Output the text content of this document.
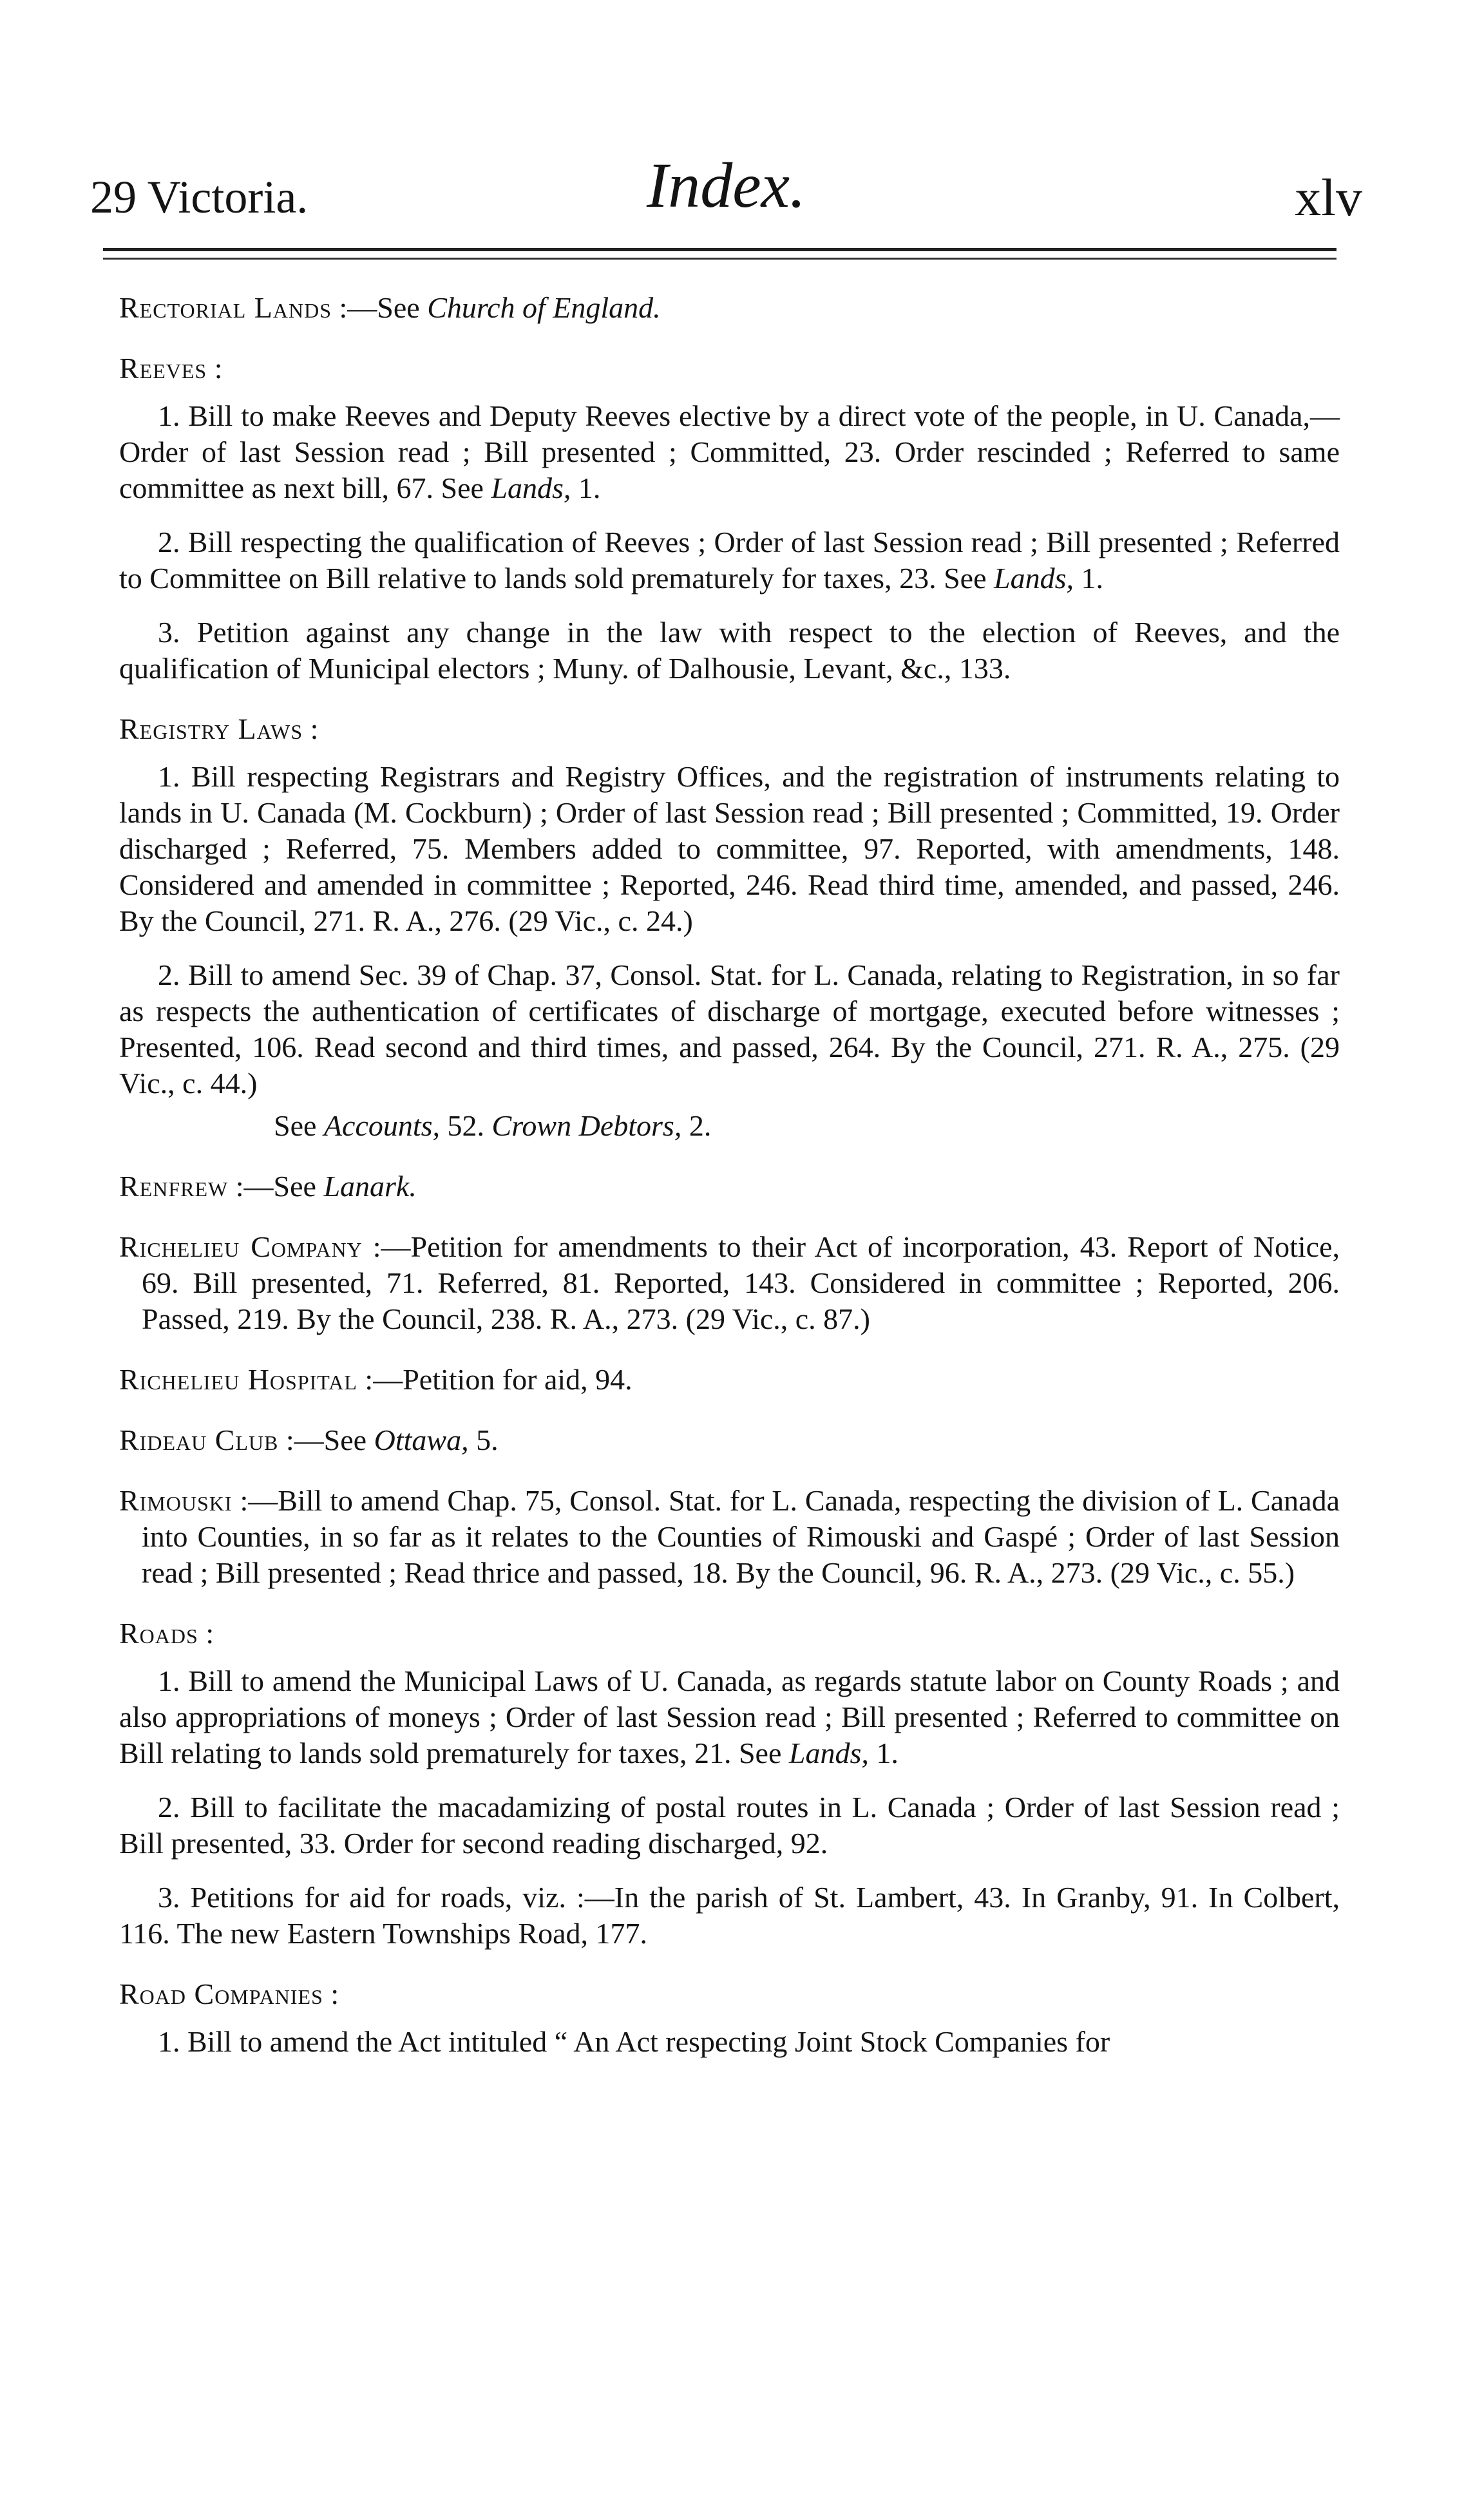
29 Victoria.	Index.	xlv

Rectorial Lands :—See Church of England.

Reeves :

1. Bill to make Reeves and Deputy Reeves elective by a direct vote of the people, in U. Canada,—Order of last Session read ; Bill presented ; Committed, 23. Order rescinded ; Referred to same committee as next bill, 67. See Lands, 1.

2. Bill respecting the qualification of Reeves ; Order of last Session read ; Bill presented ; Referred to Committee on Bill relative to lands sold prematurely for taxes, 23. See Lands, 1.

3. Petition against any change in the law with respect to the election of Reeves, and the qualification of Municipal electors ; Muny. of Dalhousie, Levant, &c., 133.

Registry Laws :

1. Bill respecting Registrars and Registry Offices, and the registration of instruments relating to lands in U. Canada (M. Cockburn) ; Order of last Session read ; Bill presented ; Committed, 19. Order discharged ; Referred, 75. Members added to committee, 97. Reported, with amendments, 148. Considered and amended in committee ; Reported, 246. Read third time, amended, and passed, 246. By the Council, 271. R. A., 276. (29 Vic., c. 24.)

2. Bill to amend Sec. 39 of Chap. 37, Consol. Stat. for L. Canada, relating to Registration, in so far as respects the authentication of certificates of discharge of mortgage, executed before witnesses ; Presented, 106. Read second and third times, and passed, 264. By the Council, 271. R. A., 275. (29 Vic., c. 44.)

See Accounts, 52. Crown Debtors, 2.

Renfrew :—See Lanark.

Richelieu Company :—Petition for amendments to their Act of incorporation, 43. Report of Notice, 69. Bill presented, 71. Referred, 81. Reported, 143. Considered in committee ; Reported, 206. Passed, 219. By the Council, 238. R. A., 273. (29 Vic., c. 87.)

Richelieu Hospital :—Petition for aid, 94.

Rideau Club :—See Ottawa, 5.

Rimouski :—Bill to amend Chap. 75, Consol. Stat. for L. Canada, respecting the division of L. Canada into Counties, in so far as it relates to the Counties of Rimouski and Gaspé ; Order of last Session read ; Bill presented ; Read thrice and passed, 18. By the Council, 96. R. A., 273. (29 Vic., c. 55.)

Roads :

1. Bill to amend the Municipal Laws of U. Canada, as regards statute labor on County Roads ; and also appropriations of moneys ; Order of last Session read ; Bill presented ; Referred to committee on Bill relating to lands sold prematurely for taxes, 21. See Lands, 1.

2. Bill to facilitate the macadamizing of postal routes in L. Canada ; Order of last Session read ; Bill presented, 33. Order for second reading discharged, 92.

3. Petitions for aid for roads, viz. :—In the parish of St. Lambert, 43. In Granby, 91. In Colbert, 116. The new Eastern Townships Road, 177.

Road Companies :

1. Bill to amend the Act intituled “ An Act respecting Joint Stock Companies for
